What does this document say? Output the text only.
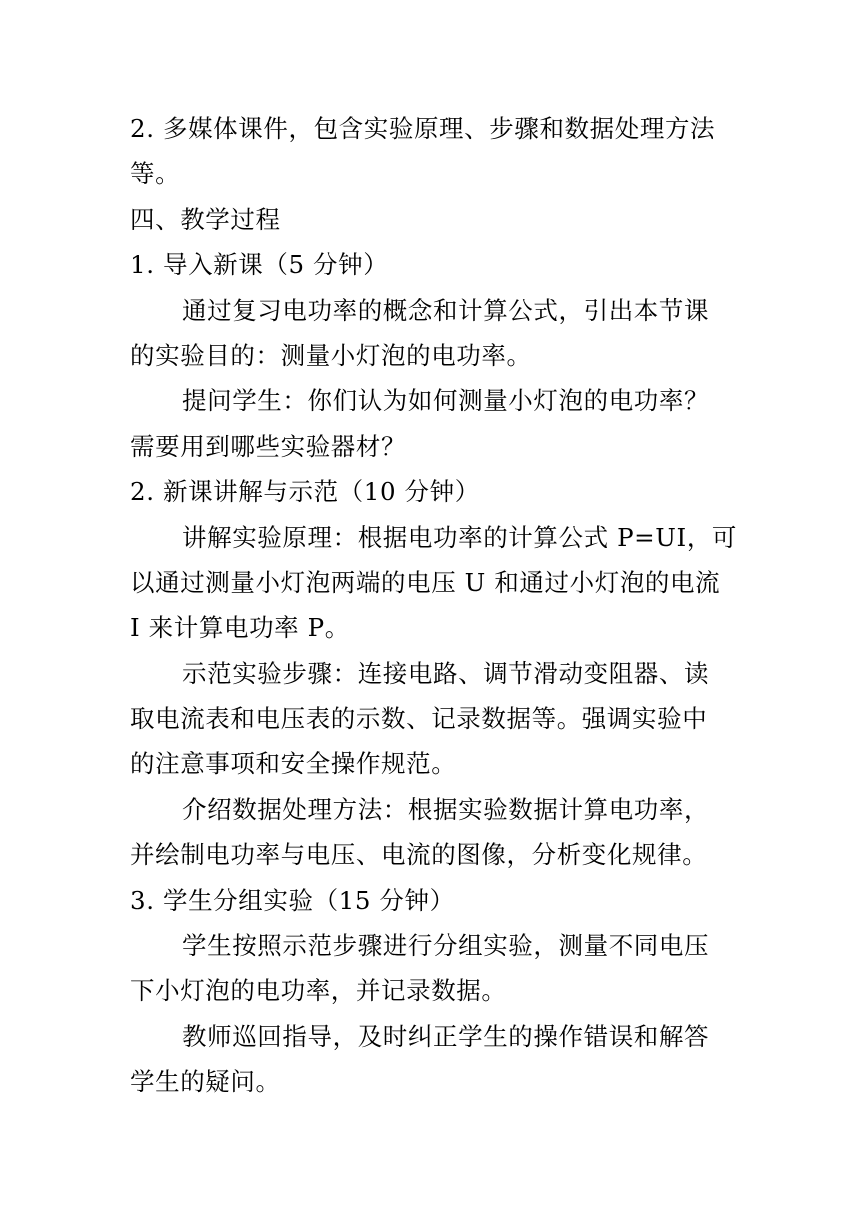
2. 多媒体课件，包含实验原理、步骤和数据处理方法
等。
四、教学过程
1. 导入新课（5 分钟）
通过复习电功率的概念和计算公式，引出本节课
的实验目的：测量小灯泡的电功率。
提问学生：你们认为如何测量小灯泡的电功率？
需要用到哪些实验器材？
2. 新课讲解与示范（10 分钟）
讲解实验原理：根据电功率的计算公式 P=UI，可
以通过测量小灯泡两端的电压 U 和通过小灯泡的电流
I 来计算电功率 P。
示范实验步骤：连接电路、调节滑动变阻器、读
取电流表和电压表的示数、记录数据等。强调实验中
的注意事项和安全操作规范。
介绍数据处理方法：根据实验数据计算电功率，
并绘制电功率与电压、电流的图像，分析变化规律。
3. 学生分组实验（15 分钟）
学生按照示范步骤进行分组实验，测量不同电压
下小灯泡的电功率，并记录数据。
教师巡回指导，及时纠正学生的操作错误和解答
学生的疑问。
